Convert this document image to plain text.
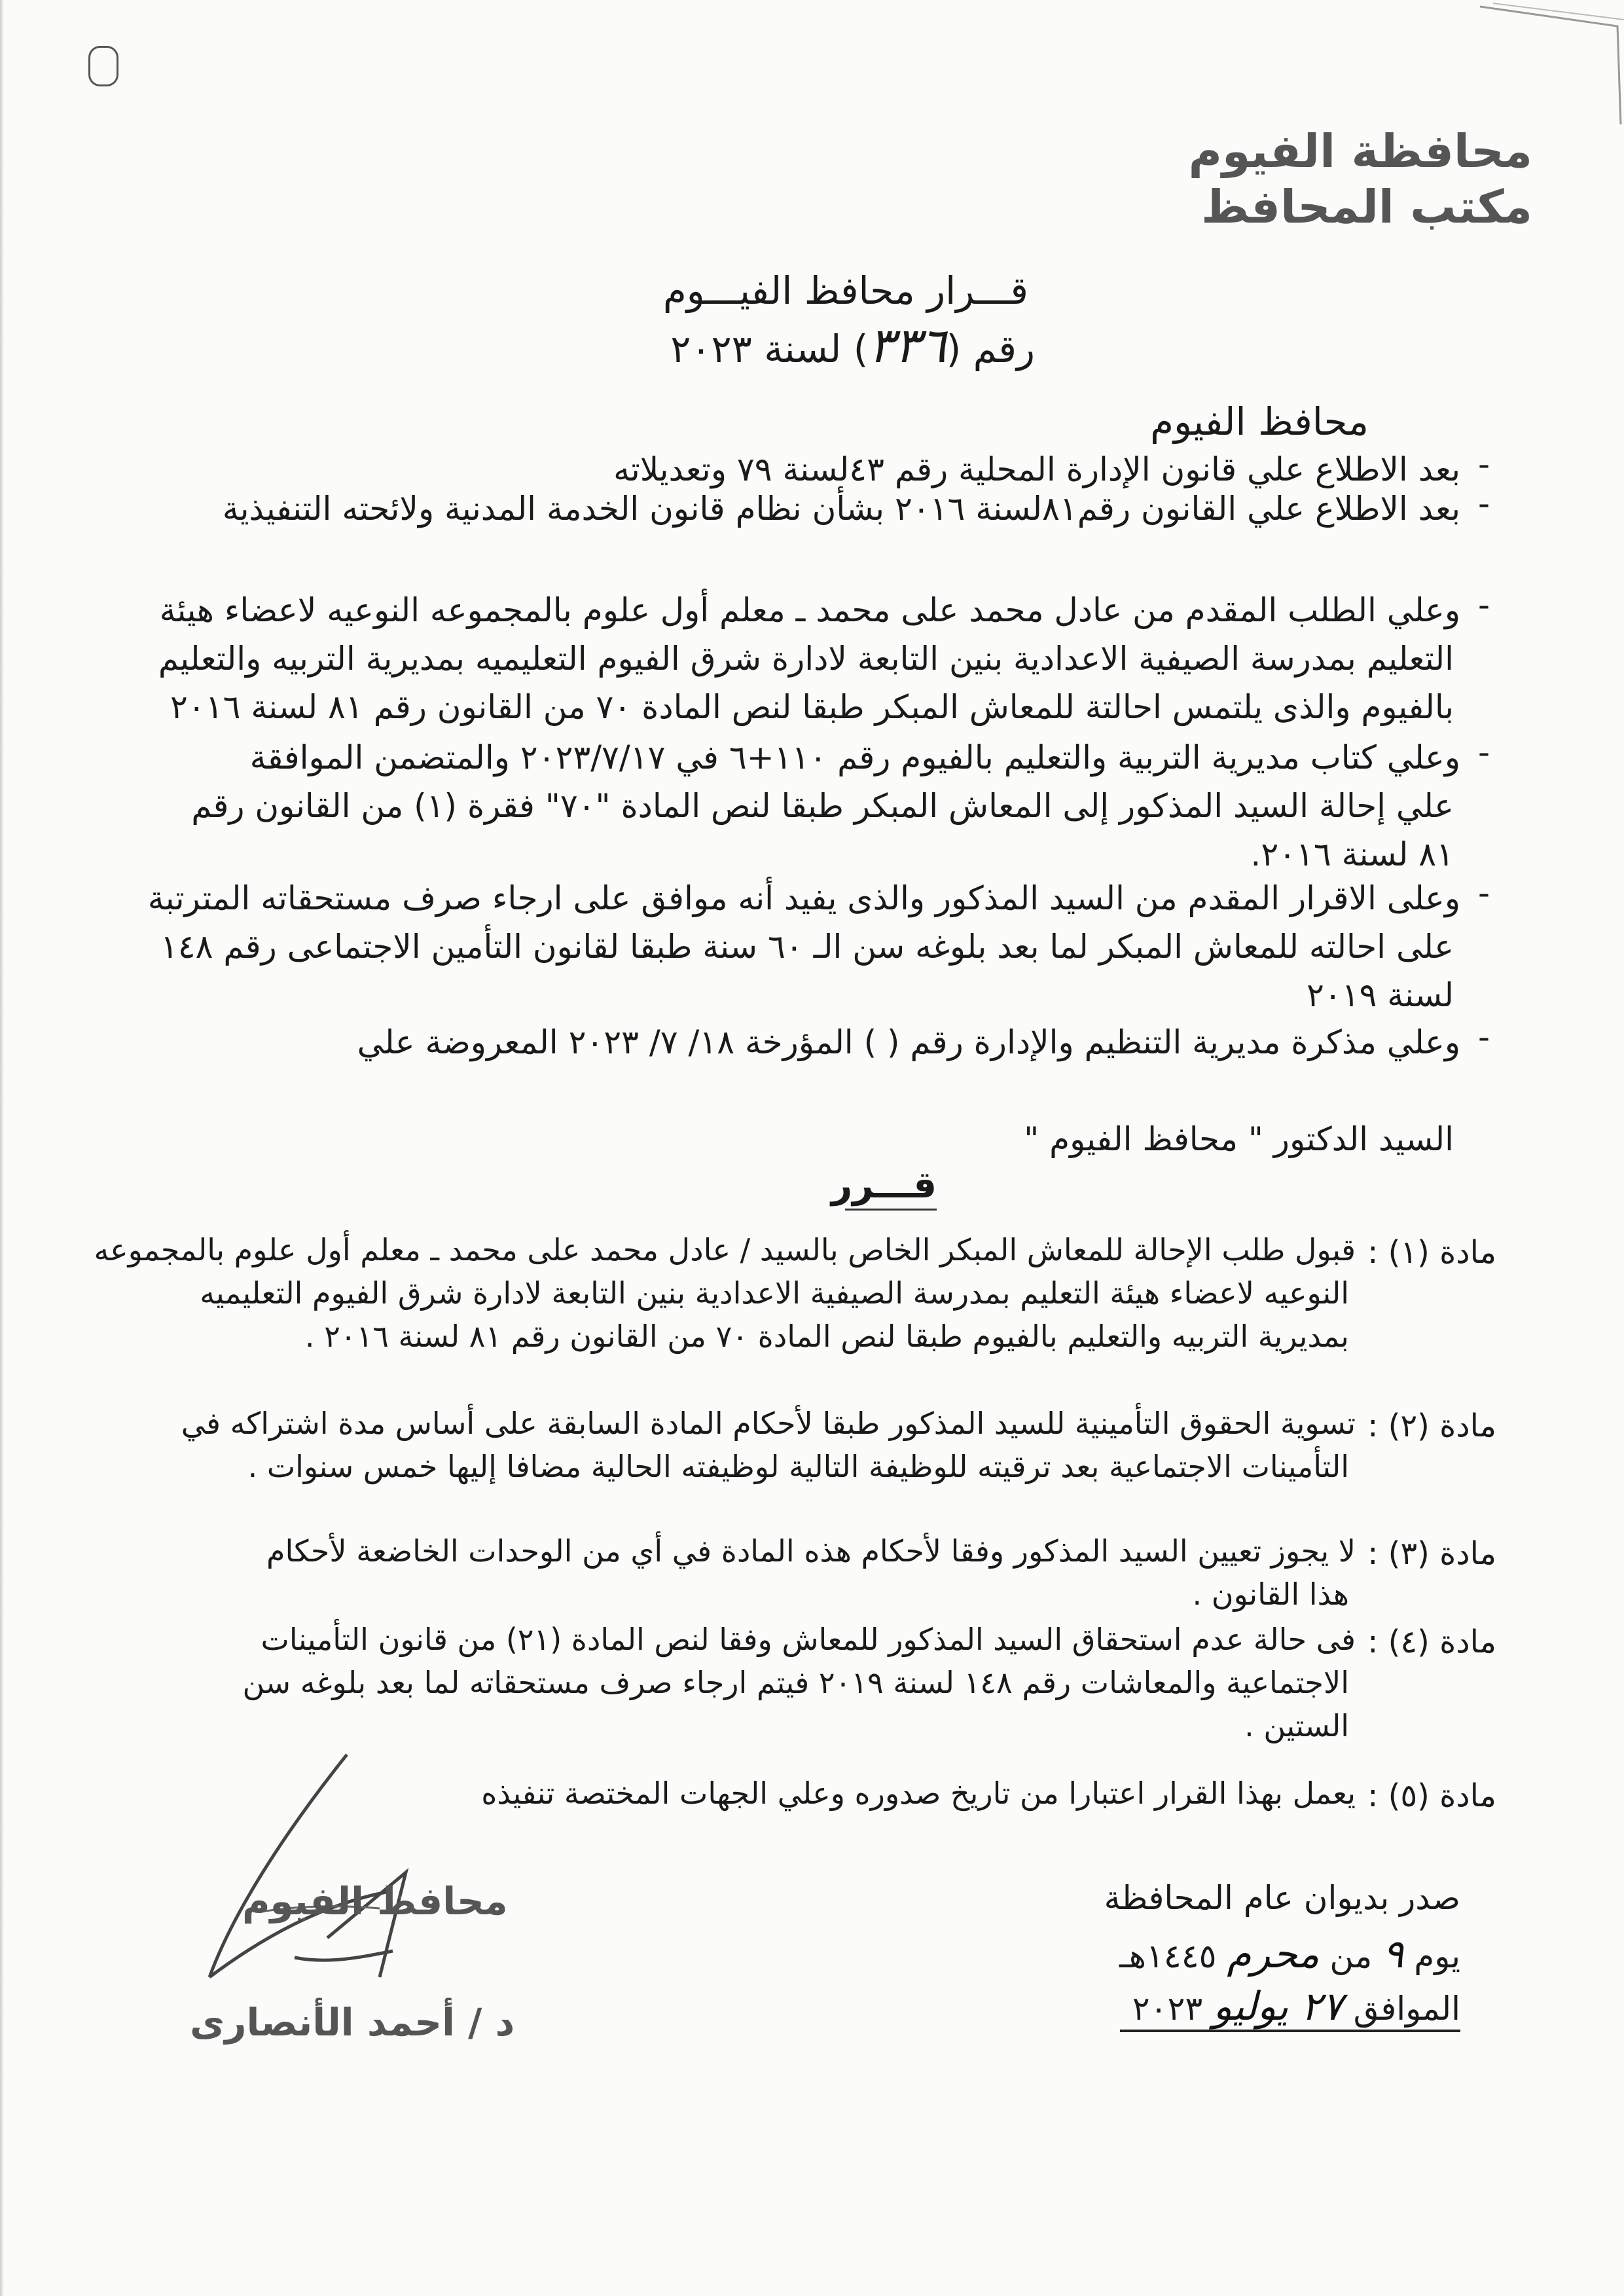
محافظة الفيوم
مكتب المحافظ
قـــرار محافظ الفيـــوم
رقم (٣٣٦) لسنة ٢٠٢٣
محافظ الفيوم
-
بعد الاطلاع علي قانون الإدارة المحلية رقم ٤٣لسنة ٧٩ وتعديلاته
-
بعد الاطلاع علي القانون رقم٨١لسنة ٢٠١٦ بشأن نظام قانون الخدمة المدنية ولائحته التنفيذية
-
وعلي الطلب المقدم من عادل محمد على محمد ـ معلم أول علوم بالمجموعه النوعيه لاعضاء هيئة
التعليم بمدرسة الصيفية الاعدادية بنين التابعة لادارة شرق الفيوم التعليميه بمديرية التربيه والتعليم
بالفيوم والذى يلتمس احالتة للمعاش المبكر طبقا لنص المادة ٧٠ من القانون رقم ٨١ لسنة ٢٠١٦
-
وعلي كتاب مديرية التربية والتعليم بالفيوم رقم ١١٠+٦ في ٢٠٢٣/٧/١٧ والمتضمن الموافقة
علي إحالة السيد المذكور إلى المعاش المبكر طبقا لنص المادة "٧٠" فقرة (١) من القانون رقم
٨١ لسنة ٢٠١٦.
-
وعلى الاقرار المقدم من السيد المذكور والذى يفيد أنه موافق على ارجاء صرف مستحقاته المترتبة
على احالته للمعاش المبكر لما بعد بلوغه سن الـ ٦٠ سنة طبقا لقانون التأمين الاجتماعى رقم ١٤٨
لسنة ٢٠١٩
-
وعلي مذكرة مديرية التنظيم والإدارة رقم ( ) المؤرخة ١٨/ ٧/ ٢٠٢٣ المعروضة علي
السيد الدكتور " محافظ الفيوم "
قـــرر
مادة (١) :
قبول طلب الإحالة للمعاش المبكر الخاص بالسيد / عادل محمد على محمد ـ معلم أول علوم بالمجموعه
النوعيه لاعضاء هيئة التعليم بمدرسة الصيفية الاعدادية بنين التابعة لادارة شرق الفيوم التعليميه
بمديرية التربيه والتعليم بالفيوم طبقا لنص المادة ٧٠ من القانون رقم ٨١ لسنة ٢٠١٦ .
مادة (٢) :
تسوية الحقوق التأمينية للسيد المذكور طبقا لأحكام المادة السابقة على أساس مدة اشتراكه في
التأمينات الاجتماعية بعد ترقيته للوظيفة التالية لوظيفته الحالية مضافا إليها خمس سنوات .
مادة (٣) :
لا يجوز تعيين السيد المذكور وفقا لأحكام هذه المادة في أي من الوحدات الخاضعة لأحكام
هذا القانون .
مادة (٤) :
فى حالة عدم استحقاق السيد المذكور للمعاش وفقا لنص المادة (٢١) من قانون التأمينات
الاجتماعية والمعاشات رقم ١٤٨ لسنة ٢٠١٩ فيتم ارجاء صرف مستحقاته لما بعد بلوغه سن
الستين .
مادة (٥) :
يعمل بهذا القرار اعتبارا من تاريخ صدوره وعلي الجهات المختصة تنفيذه
محافظ الفيوم
د / أحمد الأنصارى
صدر بديوان عام المحافظة
يوم ٩ من محرم ١٤٤٥هـ
الموافق ٢٧ يوليو ٢٠٢٣
